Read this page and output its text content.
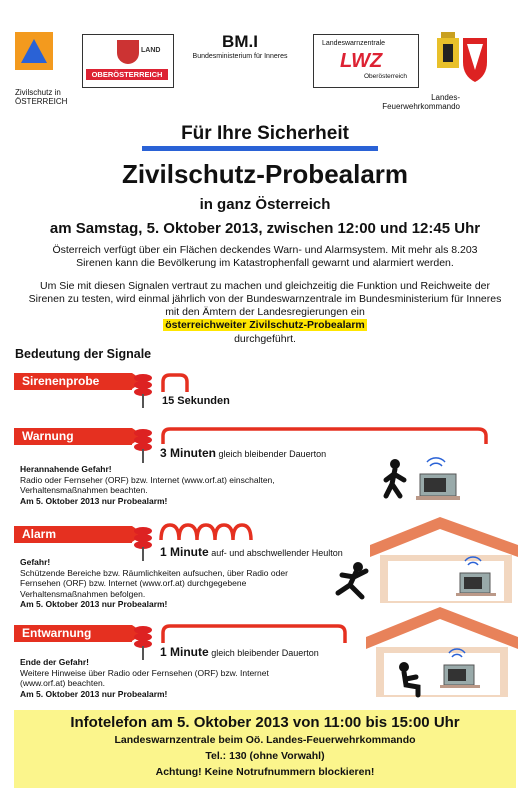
Zivilschutz in ÖSTERREICH
LAND
OBERÖSTERREICH
BM.I
Bundesministerium für Inneres
Landeswarnzentrale
LWZ
Oberösterreich
Landes-Feuerwehrkommando
Für Ihre Sicherheit
Zivilschutz-Probealarm
in ganz Österreich
am Samstag, 5. Oktober 2013, zwischen 12:00 und 12:45 Uhr
Österreich verfügt über ein Flächen deckendes Warn- und Alarmsystem. Mit mehr als 8.203 Sirenen kann die Bevölkerung im Katastrophenfall gewarnt und alarmiert werden.
Um Sie mit diesen Signalen vertraut zu machen und gleichzeitig die Funktion und Reichweite der Sirenen zu testen, wird einmal jährlich von der Bundeswarnzentrale im Bundesministerium für Inneres mit den Ämtern der Landesregierungen ein
österreichweiter Zivilschutz-Probealarm
durchgeführt.
Bedeutung der Signale
Sirenenprobe
15 Sekunden
Warnung
3 Minuten gleich bleibender Dauerton
Herannahende Gefahr!
Radio oder Fernseher (ORF) bzw. Internet (www.orf.at) einschalten, Verhaltensmaßnahmen beachten.
Am 5. Oktober 2013 nur Probealarm!
Alarm
1 Minute auf- und abschwellender Heulton
Gefahr!
Schützende Bereiche bzw. Räumlichkeiten aufsuchen, über Radio oder Fernsehen (ORF) bzw. Internet (www.orf.at) durchgegebene Verhaltensmaßnahmen befolgen.
Am 5. Oktober 2013 nur Probealarm!
Entwarnung
1 Minute gleich bleibender Dauerton
Ende der Gefahr!
Weitere Hinweise über Radio oder Fernsehen (ORF) bzw. Internet (www.orf.at) beachten.
Am 5. Oktober 2013 nur Probealarm!
Infotelefon am 5. Oktober 2013 von 11:00 bis 15:00 Uhr
Landeswarnzentrale beim Oö. Landes-Feuerwehrkommando
Tel.: 130 (ohne Vorwahl)
Achtung! Keine Notrufnummern blockieren!
